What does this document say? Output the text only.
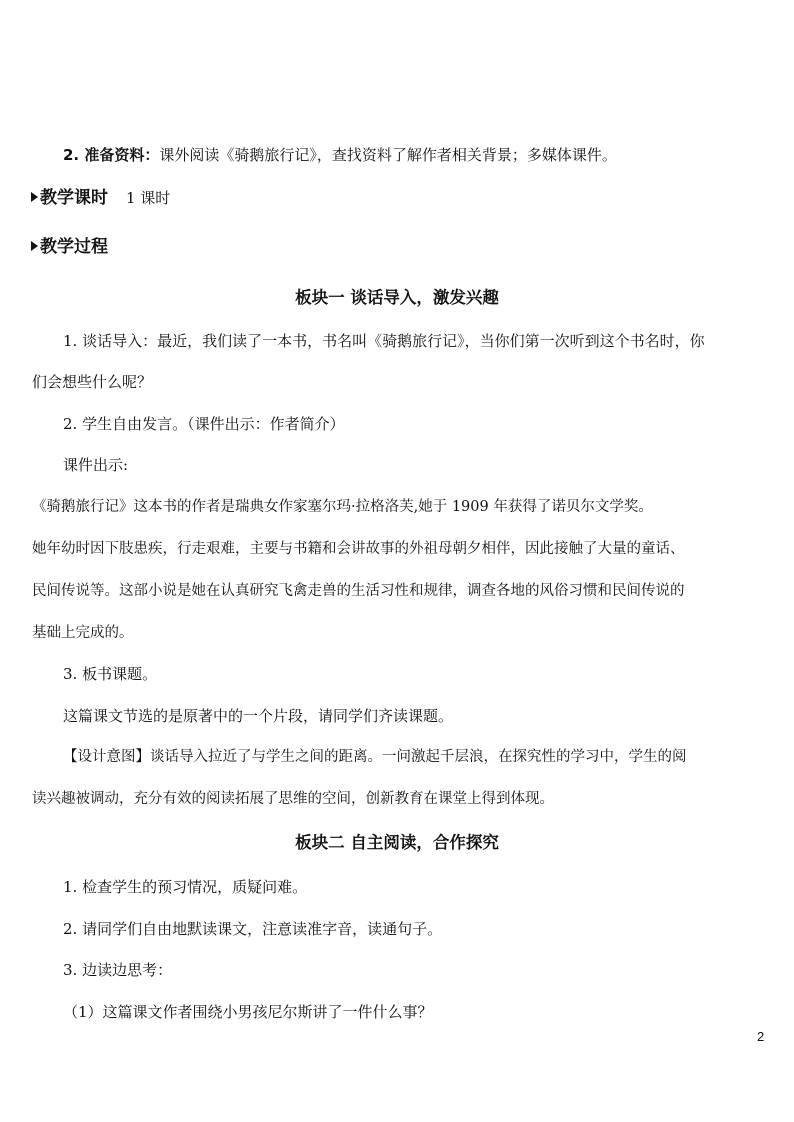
2. 准备资料：课外阅读《骑鹅旅行记》，查找资料了解作者相关背景；多媒体课件。
教学课时 1 课时
教学过程
板块一 谈话导入，激发兴趣
1. 谈话导入：最近，我们读了一本书，书名叫《骑鹅旅行记》，当你们第一次听到这个书名时，你
们会想些什么呢？
2. 学生自由发言。（课件出示：作者简介）
课件出示:
《骑鹅旅行记》这本书的作者是瑞典女作家塞尔玛·拉格洛芙,她于 1909 年获得了诺贝尔文学奖。
她年幼时因下肢患疾，行走艰难，主要与书籍和会讲故事的外祖母朝夕相伴，因此接触了大量的童话、
民间传说等。这部小说是她在认真研究飞禽走兽的生活习性和规律，调查各地的风俗习惯和民间传说的
基础上完成的。
3. 板书课题。
这篇课文节选的是原著中的一个片段，请同学们齐读课题。
【设计意图】谈话导入拉近了与学生之间的距离。一问激起千层浪，在探究性的学习中，学生的阅
读兴趣被调动，充分有效的阅读拓展了思维的空间，创新教育在课堂上得到体现。
板块二 自主阅读，合作探究
1. 检查学生的预习情况，质疑问难。
2. 请同学们自由地默读课文，注意读准字音，读通句子。
3. 边读边思考：
（1）这篇课文作者围绕小男孩尼尔斯讲了一件什么事？
2
